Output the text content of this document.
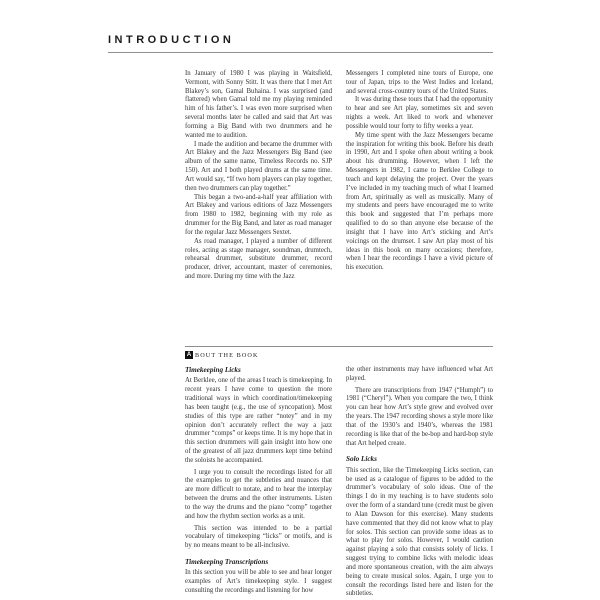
INTRODUCTION

In January of 1980 I was playing in Waitsfield, Vermont, with Sonny Stitt. It was there that I met Art Blakey’s son, Gamal Buhaina. I was surprised (and flattered) when Gamal told me my playing reminded him of his father’s. I was even more surprised when several months later he called and said that Art was forming a Big Band with two drummers and he wanted me to audition.

I made the audition and became the drummer with Art Blakey and the Jazz Messengers Big Band (see album of the same name, Timeless Records no. SJP 150). Art and I both played drums at the same time. Art would say, “If two horn players can play together, then two drummers can play together.”

This began a two-and-a-half year affiliation with Art Blakey and various editions of Jazz Messengers from 1980 to 1982, beginning with my role as drummer for the Big Band, and later as road manager for the regular Jazz Messengers Sextet.

As road manager, I played a number of different roles, acting as stage manager, soundman, drumtech, rehearsal drummer, substitute drummer, record producer, driver, accountant, master of ceremonies, and more. During my time with the Jazz

Messengers I completed nine tours of Europe, one tour of Japan, trips to the West Indies and Iceland, and several cross-country tours of the United States.

It was during these tours that I had the opportunity to hear and see Art play, sometimes six and seven nights a week. Art liked to work and whenever possible would tour forty to fifty weeks a year.

My time spent with the Jazz Messengers became the inspiration for writing this book. Before his death in 1990, Art and I spoke often about writing a book about his drumming. However, when I left the Messengers in 1982, I came to Berklee College to teach and kept delaying the project. Over the years I’ve included in my teaching much of what I learned from Art, spiritually as well as musically. Many of my students and peers have encouraged me to write this book and suggested that I’m perhaps more qualified to do so than anyone else because of the insight that I have into Art’s sticking and Art’s voicings on the drumset. I saw Art play most of his ideas in this book on many occasions; therefore, when I hear the recordings I have a vivid picture of his execution.

A BOUT THE BOOK
Timekeeping Licks

At Berklee, one of the areas I teach is timekeeping. In recent years I have come to question the more traditional ways in which coordination/timekeeping has been taught (e.g., the use of syncopation). Most studies of this type are rather “notey” and in my opinion don’t accurately reflect the way a jazz drummer “comps” or keeps time. It is my hope that in this section drummers will gain insight into how one of the greatest of all jazz drummers kept time behind the soloists he accompanied.

I urge you to consult the recordings listed for all the examples to get the subtleties and nuances that are more difficult to notate, and to hear the interplay between the drums and the other instruments. Listen to the way the drums and the piano “comp” together and how the rhythm section works as a unit.

This section was intended to be a partial vocabulary of timekeeping “licks” or motifs, and is by no means meant to be all-inclusive.

Timekeeping Transcriptions

In this section you will be able to see and hear longer examples of Art’s timekeeping style. I suggest consulting the recordings and listening for how

the other instruments may have influenced what Art played.

There are transcriptions from 1947 (“Humph”) to 1981 (“Cheryl”). When you compare the two, I think you can hear how Art’s style grew and evolved over the years. The 1947 recording shows a style more like that of the 1930’s and 1940’s, whereas the 1981 recording is like that of the be-bop and hard-bop style that Art helped create.

Solo Licks

This section, like the Timekeeping Licks section, can be used as a catalogue of figures to be added to the drummer’s vocabulary of solo ideas. One of the things I do in my teaching is to have students solo over the form of a standard tune (credit must be given to Alan Dawson for this exercise). Many students have commented that they did not know what to play for solos. This section can provide some ideas as to what to play for solos. However, I would caution against playing a solo that consists solely of licks. I suggest trying to combine licks with melodic ideas and more spontaneous creation, with the aim always being to create musical solos. Again, I urge you to consult the recordings listed here and listen for the subtleties.
